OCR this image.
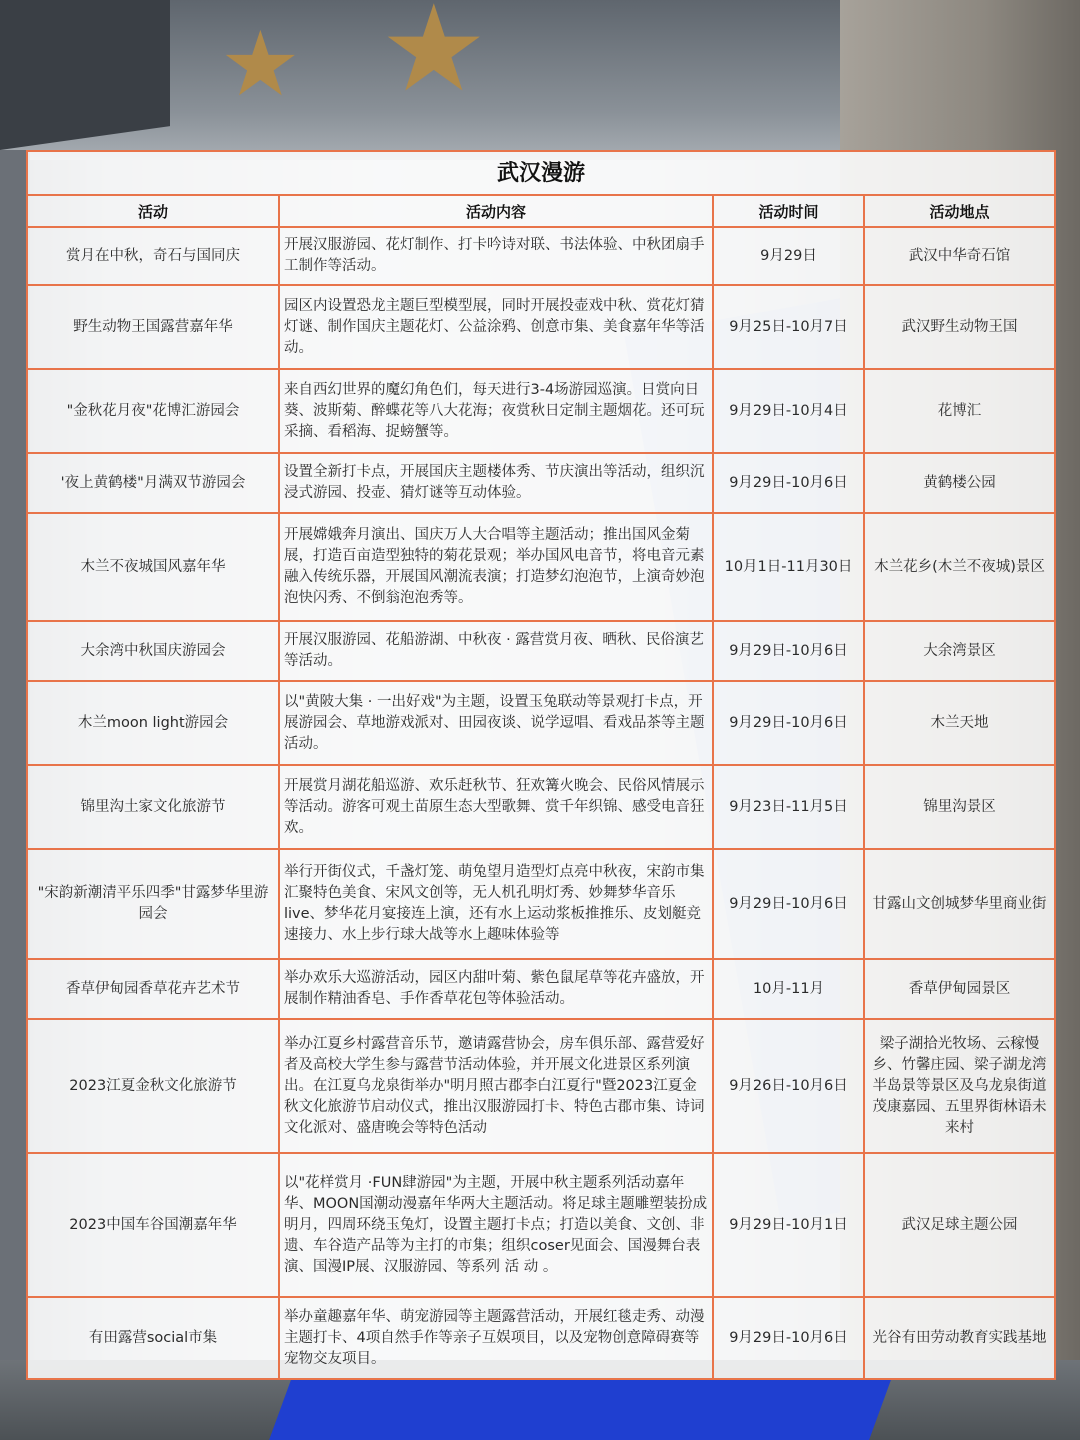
★
★
武汉漫游			
活动	活动内容	活动时间	活动地点
赏月在中秋，奇石与国同庆	开展汉服游园、花灯制作、打卡吟诗对联、书法体验、中秋团扇手工制作等活动。	9月29日	武汉中华奇石馆
野生动物王国露营嘉年华	园区内设置恐龙主题巨型模型展，同时开展投壶戏中秋、赏花灯猜灯谜、制作国庆主题花灯、公益涂鸦、创意市集、美食嘉年华等活动。	9月25日-10月7日	武汉野生动物王国
"金秋花月夜"花博汇游园会	来自西幻世界的魔幻角色们，每天进行3-4场游园巡演。日赏向日葵、波斯菊、醉蝶花等八大花海；夜赏秋日定制主题烟花。还可玩采摘、看稻海、捉螃蟹等。	9月29日-10月4日	花博汇
'夜上黄鹤楼"月满双节游园会	设置全新打卡点，开展国庆主题楼体秀、节庆演出等活动，组织沉浸式游园、投壶、猜灯谜等互动体验。	9月29日-10月6日	黄鹤楼公园
木兰不夜城国风嘉年华	开展嫦娥奔月演出、国庆万人大合唱等主题活动；推出国风金菊展，打造百亩造型独特的菊花景观；举办国风电音节，将电音元素融入传统乐器，开展国风潮流表演；打造梦幻泡泡节，上演奇妙泡泡快闪秀、不倒翁泡泡秀等。	10月1日-11月30日	木兰花乡(木兰不夜城)景区
大余湾中秋国庆游园会	开展汉服游园、花船游湖、中秋夜 · 露营赏月夜、晒秋、民俗演艺等活动。	9月29日-10月6日	大余湾景区
木兰moon light游园会	以"黄陂大集 · 一出好戏"为主题，设置玉兔联动等景观打卡点，开展游园会、草地游戏派对、田园夜谈、说学逗唱、看戏品茶等主题活动。	9月29日-10月6日	木兰天地
锦里沟土家文化旅游节	开展赏月湖花船巡游、欢乐赶秋节、狂欢篝火晚会、民俗风情展示等活动。游客可观土苗原生态大型歌舞、赏千年织锦、感受电音狂欢。	9月23日-11月5日	锦里沟景区
"宋韵新潮清平乐四季"甘露梦华里游园会	举行开街仪式，千盏灯笼、萌兔望月造型灯点亮中秋夜，宋韵市集汇聚特色美食、宋风文创等，无人机孔明灯秀、妙舞梦华音乐live、梦华花月宴接连上演，还有水上运动浆板推推乐、皮划艇竞速接力、水上步行球大战等水上趣味体验等	9月29日-10月6日	甘露山文创城梦华里商业街
香草伊甸园香草花卉艺术节	举办欢乐大巡游活动，园区内甜叶菊、紫色鼠尾草等花卉盛放，开展制作精油香皂、手作香草花包等体验活动。	10月-11月	香草伊甸园景区
2023江夏金秋文化旅游节	举办江夏乡村露营音乐节，邀请露营协会，房车俱乐部、露营爱好者及高校大学生参与露营节活动体验，并开展文化进景区系列演出。在江夏乌龙泉街举办"明月照古郡李白江夏行"暨2023江夏金秋文化旅游节启动仪式，推出汉服游园打卡、特色古郡市集、诗词文化派对、盛唐晚会等特色活动	9月26日-10月6日	梁子湖拾光牧场、云稼慢乡、竹馨庄园、梁子湖龙湾半岛景等景区及乌龙泉街道茂康嘉园、五里界街林语未来村
2023中国车谷国潮嘉年华	以"花样赏月 ·FUN肆游园"为主题，开展中秋主题系列活动嘉年华、MOON国潮动漫嘉年华两大主题活动。将足球主题雕塑装扮成明月，四周环绕玉兔灯，设置主题打卡点；打造以美食、文创、非遗、车谷造产品等为主打的市集；组织coser见面会、国漫舞台表演、国漫IP展、汉服游园、等系列 活 动 。	9月29日-10月1日	武汉足球主题公园
有田露营social市集	举办童趣嘉年华、萌宠游园等主题露营活动，开展红毯走秀、动漫主题打卡、4项自然手作等亲子互娱项目，以及宠物创意障碍赛等宠物交友项目。	9月29日-10月6日	光谷有田劳动教育实践基地
